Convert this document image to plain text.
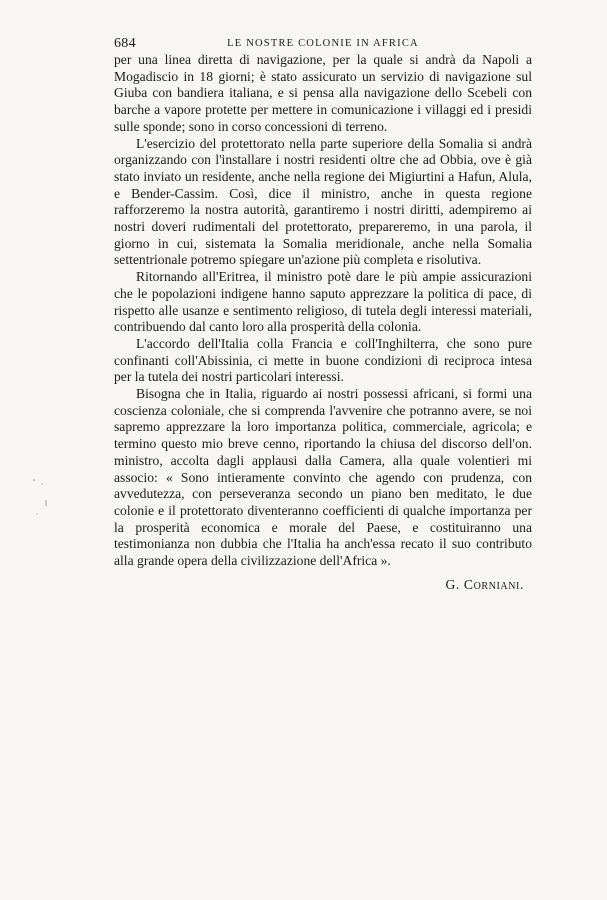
684	LE NOSTRE COLONIE IN AFRICA

per una linea diretta di navigazione, per la quale si andrà da Napoli a Mogadiscio in 18 giorni; è stato assicurato un servizio di navigazione sul Giuba con bandiera italiana, e si pensa alla navigazione dello Scebeli con barche a vapore protette per mettere in comunicazione i villaggi ed i presidi sulle sponde; sono in corso concessioni di terreno.

L'esercizio del protettorato nella parte superiore della Somalia si andrà organizzando con l'installare i nostri residenti oltre che ad Obbia, ove è già stato inviato un residente, anche nella regione dei Migiurtini a Hafun, Alula, e Bender-Cassim. Così, dice il ministro, anche in questa regione rafforzeremo la nostra autorità, garantiremo i nostri diritti, adempiremo ai nostri doveri rudimentali del protettorato, prepareremo, in una parola, il giorno in cui, sistemata la Somalia meridionale, anche nella Somalia settentrionale potremo spiegare un'azione più completa e risolutiva.

Ritornando all'Eritrea, il ministro potè dare le più ampie assicurazioni che le popolazioni indigene hanno saputo apprezzare la politica di pace, di rispetto alle usanze e sentimento religioso, di tutela degli interessi materiali, contribuendo dal canto loro alla prosperità della colonia.

L'accordo dell'Italia colla Francia e coll'Inghilterra, che sono pure confinanti coll'Abissinia, ci mette in buone condizioni di reciproca intesa per la tutela dei nostri particolari interessi.

Bisogna che in Italia, riguardo ai nostri possessi africani, si formi una coscienza coloniale, che si comprenda l'avvenire che potranno avere, se noi sapremo apprezzare la loro importanza politica, commerciale, agricola; e termino questo mio breve cenno, riportando la chiusa del discorso dell'on. ministro, accolta dagli applausi dalla Camera, alla quale volentieri mi associo: « Sono intieramente convinto che agendo con prudenza, con avvedutezza, con perseveranza secondo un piano ben meditato, le due colonie e il protettorato diventeranno coefficienti di qualche importanza per la prosperità economica e morale del Paese, e costituiranno una testimonianza non dubbia che l'Italia ha anch'essa recato il suo contributo alla grande opera della civilizzazione dell'Africa ».

G. Corniani.
